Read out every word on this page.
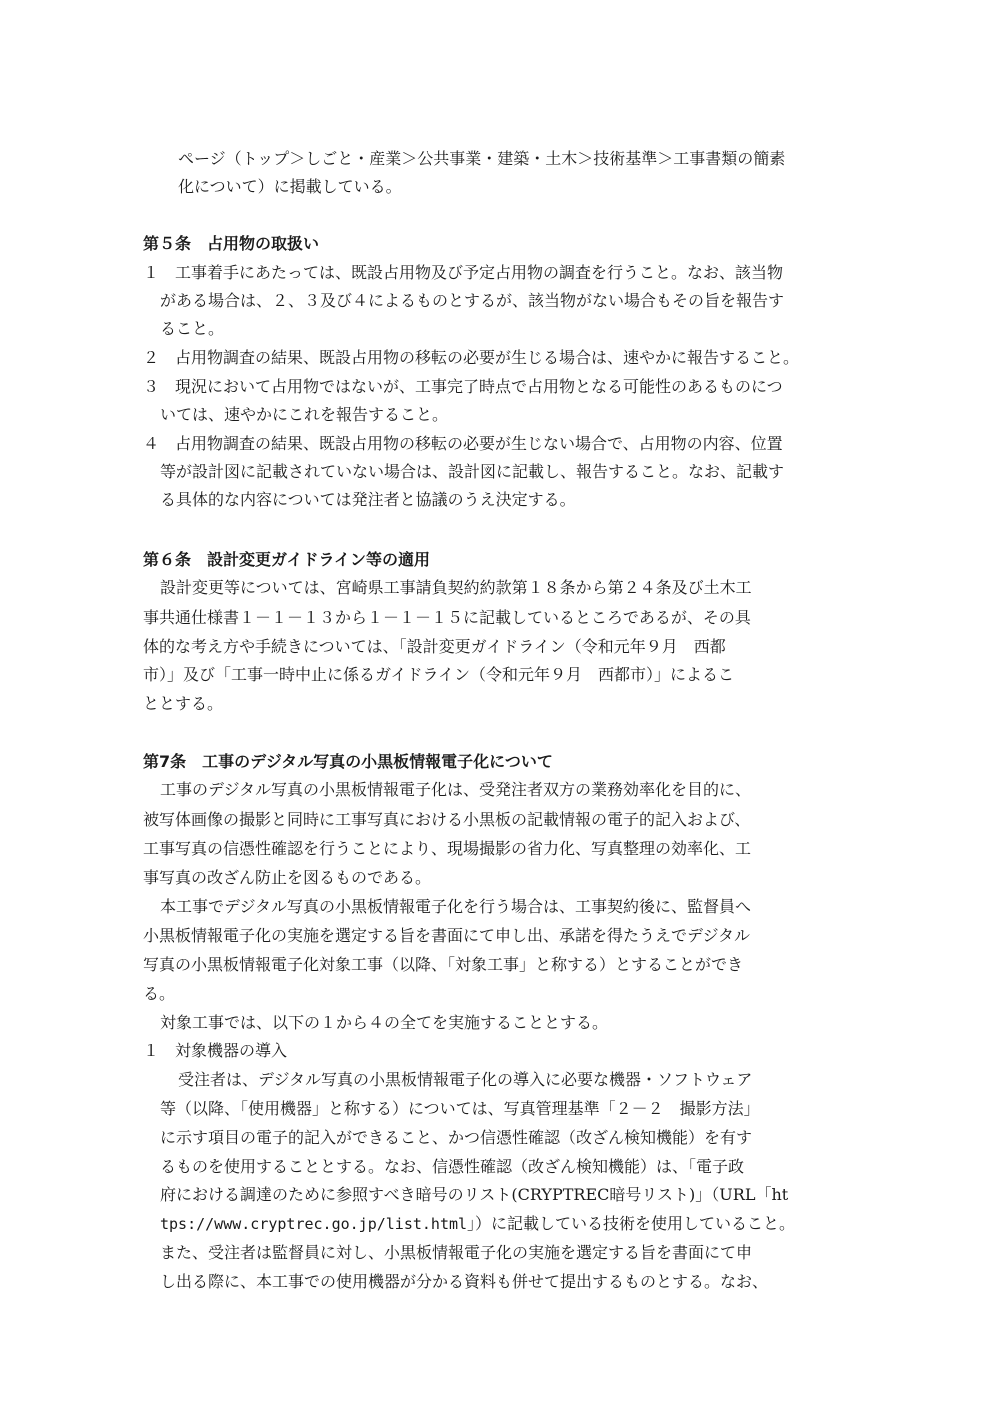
ページ（トップ＞しごと・産業＞公共事業・建築・土木＞技術基準＞工事書類の簡素
化について）に掲載している。
第５条　占用物の取扱い
１　工事着手にあたっては、既設占用物及び予定占用物の調査を行うこと。なお、該当物
がある場合は、２、３及び４によるものとするが、該当物がない場合もその旨を報告す
ること。
２　占用物調査の結果、既設占用物の移転の必要が生じる場合は、速やかに報告すること。
３　現況において占用物ではないが、工事完了時点で占用物となる可能性のあるものにつ
いては、速やかにこれを報告すること。
４　占用物調査の結果、既設占用物の移転の必要が生じない場合で、占用物の内容、位置
等が設計図に記載されていない場合は、設計図に記載し、報告すること。なお、記載す
る具体的な内容については発注者と協議のうえ決定する。
第６条　設計変更ガイドライン等の適用
設計変更等については、宮崎県工事請負契約約款第１８条から第２４条及び土木工
事共通仕様書１－１－１３から１－１－１５に記載しているところであるが、その具
体的な考え方や手続きについては、「設計変更ガイドライン（令和元年９月　西都
市）」及び「工事一時中止に係るガイドライン（令和元年９月　西都市）」によるこ
ととする。
第7条　工事のデジタル写真の小黒板情報電子化について
工事のデジタル写真の小黒板情報電子化は、受発注者双方の業務効率化を目的に、
被写体画像の撮影と同時に工事写真における小黒板の記載情報の電子的記入および、
工事写真の信憑性確認を行うことにより、現場撮影の省力化、写真整理の効率化、工
事写真の改ざん防止を図るものである。
本工事でデジタル写真の小黒板情報電子化を行う場合は、工事契約後に、監督員へ
小黒板情報電子化の実施を選定する旨を書面にて申し出、承諾を得たうえでデジタル
写真の小黒板情報電子化対象工事（以降、「対象工事」と称する）とすることができ
る。
対象工事では、以下の１から４の全てを実施することとする。
１　対象機器の導入
受注者は、デジタル写真の小黒板情報電子化の導入に必要な機器・ソフトウェア
等（以降、「使用機器」と称する）については、写真管理基準「２－２　撮影方法」
に示す項目の電子的記入ができること、かつ信憑性確認（改ざん検知機能）を有す
るものを使用することとする。なお、信憑性確認（改ざん検知機能）は、「電子政
府における調達のために参照すべき暗号のリスト(CRYPTREC暗号リスト)」（URL「ht
tps://www.cryptrec.go.jp/list.html」）に記載している技術を使用していること。
また、受注者は監督員に対し、小黒板情報電子化の実施を選定する旨を書面にて申
し出る際に、本工事での使用機器が分かる資料も併せて提出するものとする。なお、
